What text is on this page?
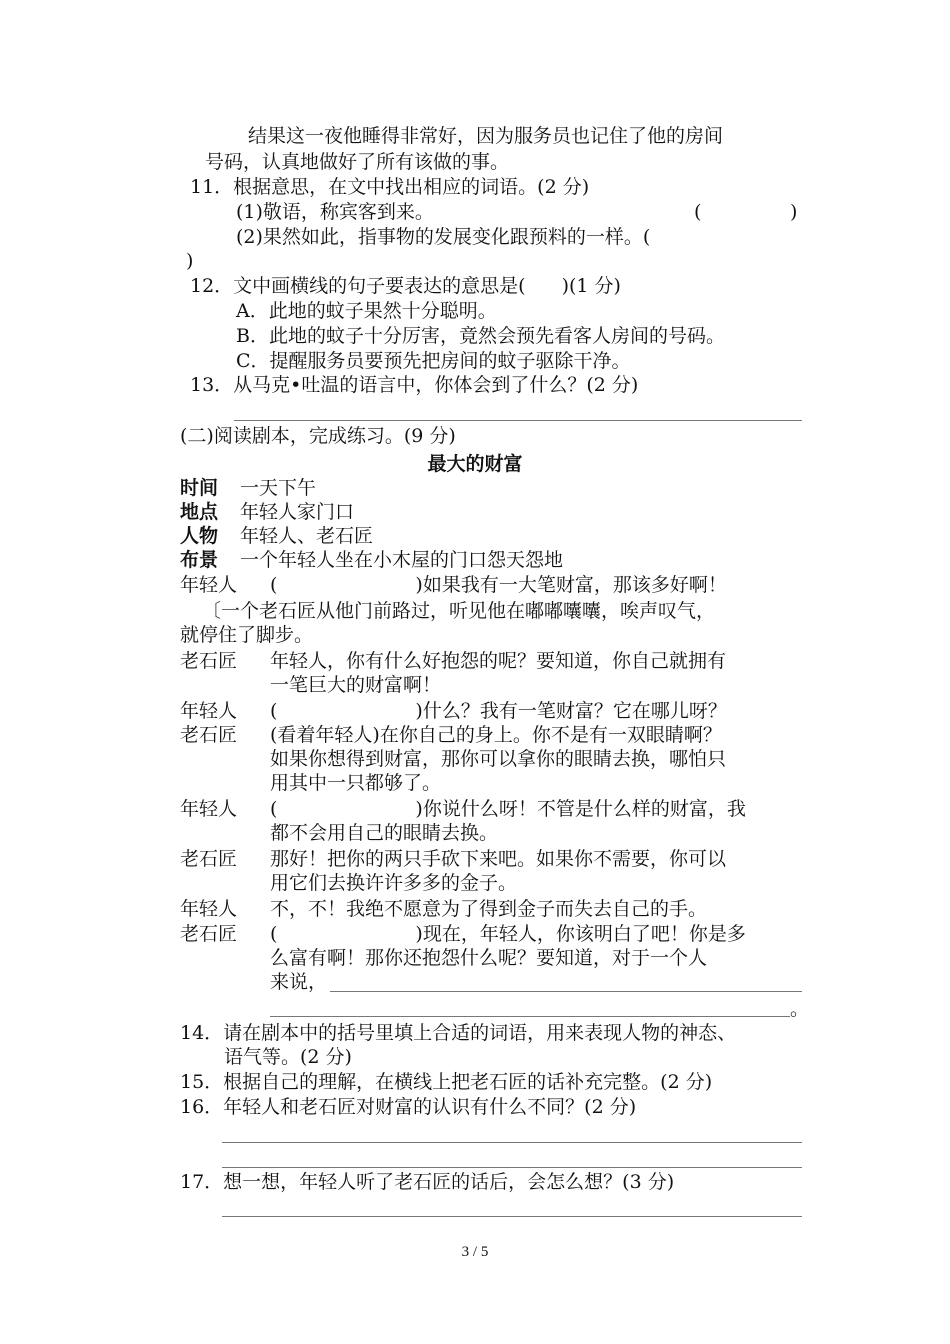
结果这一夜他睡得非常好，因为服务员也记住了他的房间
号码，认真地做好了所有该做的事。
11．根据意思，在文中找出相应的词语。(2 分)
(1)敬语，称宾客到来。	(	)
(2)果然如此，指事物的发展变化跟预料的一样。(
)
12．文中画横线的句子要表达的意思是( )(1 分)
A．此地的蚊子果然十分聪明。
B．此地的蚊子十分厉害，竟然会预先看客人房间的号码。
C．提醒服务员要预先把房间的蚊子驱除干净。
13．从马克•吐温的语言中，你体会到了什么？(2 分)
(二)阅读剧本，完成练习。(9 分)
最大的财富
时间 一天下午
地点 年轻人家门口
人物 年轻人、老石匠
布景 一个年轻人坐在小木屋的门口怨天怨地
年轻人 (	)如果我有一大笔财富，那该多好啊！
〔一个老石匠从他门前路过，听见他在嘟嘟囔囔，唉声叹气，
就停住了脚步。
老石匠 年轻人，你有什么好抱怨的呢？要知道，你自己就拥有
一笔巨大的财富啊！
年轻人 (	)什么？我有一笔财富？它在哪儿呀？
老石匠 (看着年轻人)在你自己的身上。你不是有一双眼睛啊？
如果你想得到财富，那你可以拿你的眼睛去换，哪怕只
用其中一只都够了。
年轻人 (	)你说什么呀！不管是什么样的财富，我
都不会用自己的眼睛去换。
老石匠 那好！把你的两只手砍下来吧。如果你不需要，你可以
用它们去换许许多多的金子。
年轻人 不，不！我绝不愿意为了得到金子而失去自己的手。
老石匠 (	)现在，年轻人，你该明白了吧！你是多
么富有啊！那你还抱怨什么呢？要知道，对于一个人
来说，
。
14．请在剧本中的括号里填上合适的词语，用来表现人物的神态、
语气等。(2 分)
15．根据自己的理解，在横线上把老石匠的话补充完整。(2 分)
16．年轻人和老石匠对财富的认识有什么不同？(2 分)
17．想一想，年轻人听了老石匠的话后，会怎么想？(3 分)
3 / 5
